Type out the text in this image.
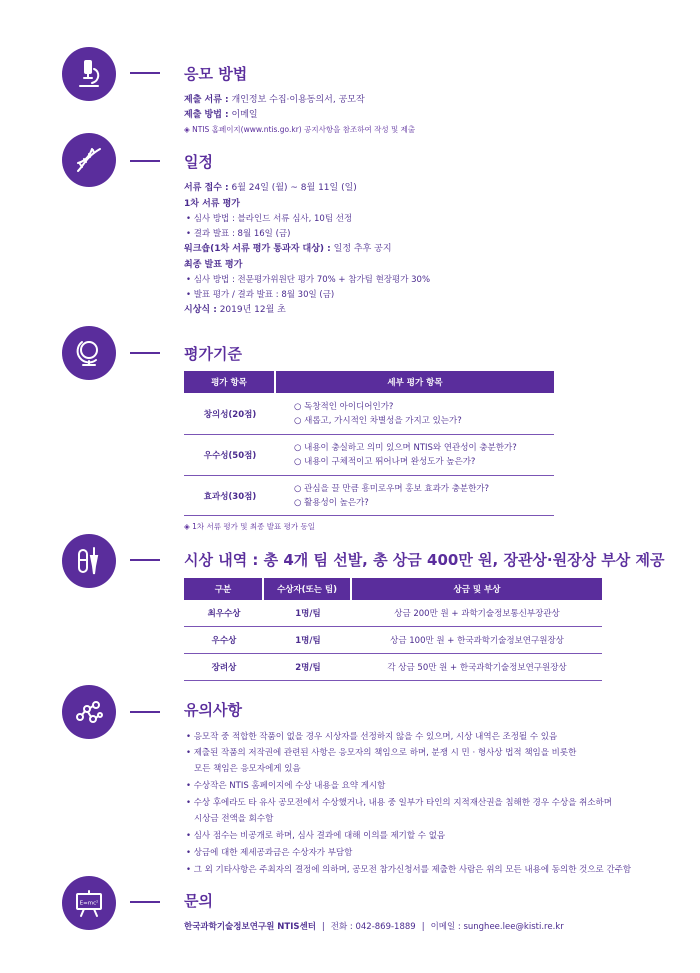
응모 방법
제출 서류 : 개인정보 수집·이용동의서, 공모작
제출 방법 : 이메일
◈ NTIS 홈페이지(www.ntis.go.kr) 공지사항을 참조하여 작성 및 제출
일정
서류 접수 : 6월 24일 (월) ~ 8월 11일 (일)
1차 서류 평가
• 심사 방법 : 블라인드 서류 심사, 10팀 선정
• 결과 발표 : 8월 16일 (금)
워크숍(1차 서류 평가 통과자 대상) : 일정 추후 공지
최종 발표 평가
• 심사 방법 : 전문평가위원단 평가 70% + 참가팀 현장평가 30%
• 발표 평가 / 결과 발표 : 8월 30일 (금)
시상식 : 2019년 12월 초
평가기준
평가 항목	세부 평가 항목
창의성(20점)	○ 독창적인 아이디어인가?
○ 새롭고, 가시적인 차별성을 가지고 있는가?

우수성(50점)	○ 내용이 충실하고 의미 있으며 NTIS와 연관성이 충분한가?
○ 내용이 구체적이고 뛰어나며 완성도가 높은가?

효과성(30점)	○ 관심을 끌 만큼 흥미로우며 홍보 효과가 충분한가?
○ 활용성이 높은가?
◈ 1차 서류 평가 및 최종 발표 평가 동일
시상 내역 : 총 4개 팀 선발, 총 상금 400만 원, 장관상·원장상 부상 제공
구분	수상자(또는 팀)	상금 및 부상
최우수상	1명/팀	상금 200만 원 + 과학기술정보통신부장관상
우수상	1명/팀	상금 100만 원 + 한국과학기술정보연구원장상
장려상	2명/팀	각 상금 50만 원 + 한국과학기술정보연구원장상
유의사항
• 응모작 중 적합한 작품이 없을 경우 시상자를 선정하지 않을 수 있으며, 시상 내역은 조정될 수 있음
• 제출된 작품의 저작권에 관련된 사항은 응모자의 책임으로 하며, 분쟁 시 민 · 형사상 법적 책임을 비롯한
모든 책임은 응모자에게 있음
• 수상작은 NTIS 홈페이지에 수상 내용을 요약 게시함
• 수상 후에라도 타 유사 공모전에서 수상했거나, 내용 중 일부가 타인의 지적재산권을 침해한 경우 수상을 취소하며
시상금 전액을 회수함
• 심사 점수는 비공개로 하며, 심사 결과에 대해 이의를 제기할 수 없음
• 상금에 대한 제세공과금은 수상자가 부담함
• 그 외 기타사항은 주최자의 결정에 의하며, 공모전 참가신청서를 제출한 사람은 위의 모든 내용에 동의한 것으로 간주함
E=mc²	문의
한국과학기술정보연구원 NTIS센터 | 전화 : 042-869-1889 | 이메일 : sunghee.lee@kisti.re.kr
